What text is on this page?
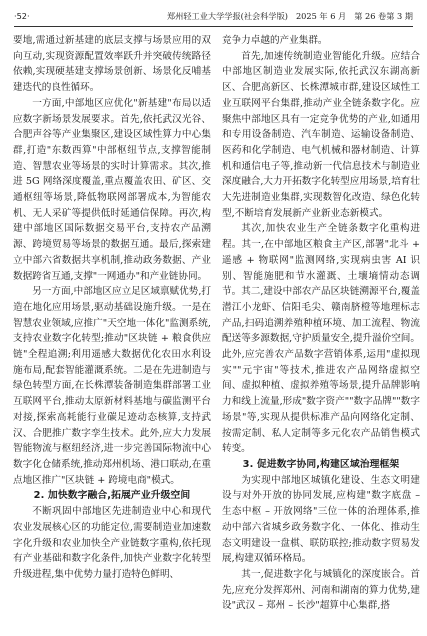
·52·	郑州轻工业大学学报(社会科学版) 2025 年 6 月 第 26 卷第 3 期

要地,需通过新基建的底层支撑与场景应用的双向互动,实现资源配置效率跃升并突破传统路径依赖,实现硬基建支撑场景创新、场景化反哺基建迭代的良性循环。

一方面,中部地区应优化"新基建"布局以适应数字新场景发展要求。首先,依托武汉光谷、合肥声谷等产业集聚区,建设区域性算力中心集群,打造"东数西算"中部枢纽节点,支撑智能制造、智慧农业等场景的实时计算需求。其次,推进 5G 网络深度覆盖,重点覆盖农田、矿区、交通枢纽等场景,降低物联网部署成本,为智能农机、无人采矿等提供低时延通信保障。再次,构建中部地区国际数据交易平台,支持农产品溯源、跨境贸易等场景的数据互通。最后,探索建立中部六省数据共享机制,推动政务数据、产业数据跨省互通,支撑"一网通办"和产业链协同。

另一方面,中部地区应立足区域禀赋优势,打造在地化应用场景,驱动基础设施升级。一是在智慧农业领域,应推广"天空地一体化"监测系统,支持农业数字化转型;推动"区块链 + 粮食供应链"全程追溯;利用遥感大数据优化农田水利设施布局,配套智能灌溉系统。二是在先进制造与绿色转型方面,在长株潭装备制造集群部署工业互联网平台,推动太原新材料基地与碳监测平台对接,探索高耗能行业碳足迹动态核算,支持武汉、合肥推广数字孪生技术。此外,应大力发展智能物流与枢纽经济,进一步完善国际物流中心数字化仓储系统,推动郑州机场、港口联动,在重点地区推广"区块链 + 跨境电商"模式。

2. 加快数字融合,拓展产业升级空间

不断巩固中部地区先进制造业中心和现代农业发展核心区的功能定位,需要制造业加速数字化升级和农业加快全产业链数字重构,依托现有产业基础和数字化条件,加快产业数字化转型升级进程,集中优势力量打造特色鲜明、

竞争力卓越的产业集群。

首先,加速传统制造业智能化升级。应结合中部地区制造业发展实际,依托武汉东湖高新区、合肥高新区、长株潭城市群,建设区域性工业互联网平台集群,推动产业全链条数字化。应聚焦中部地区具有一定竞争优势的产业,如通用和专用设备制造、汽车制造、运输设备制造、医药和化学制造、电气机械和器材制造、计算机和通信电子等,推动新一代信息技术与制造业深度融合,大力开拓数字化转型应用场景,培育壮大先进制造业集群,实现数智化改造、绿色化转型,不断培育发展新产业新业态新模式。

其次,加快农业生产全链条数字化重构进程。其一,在中部地区粮食主产区,部署"北斗 + 遥感 + 物联网"监测网络,实现病虫害 AI 识别、智能施肥和节水灌溉、土壤墒情动态调节。其二,建设中部农产品区块链溯源平台,覆盖潜江小龙虾、信阳毛尖、赣南脐橙等地理标志产品,扫码追溯养殖种植环境、加工流程、物流配送等多源数据,守护质量安全,提升溢价空间。此外,应完善农产品数字营销体系,运用"虚拟现实""元宇宙"等技术,推进农产品网络虚拟空间、虚拟种植、虚拟养殖等场景,提升品牌影响力和线上流量,形成"数字资产""数字品牌""数字场景"等,实现从提供标准产品向网络化定制、按需定制、私人定制等多元化农产品销售模式转变。

3. 促进数字协同,构建区域治理框架

为实现中部地区城镇化建设、生态文明建设与对外开放的协同发展,应构建"数字底盘 – 生态中枢 – 开放网络"三位一体的治理体系,推动中部六省城乡政务数字化、一体化、推动生态文明建设一盘棋、联防联控;推动数字贸易发展,构建双循环格局。

其一,促进数字化与城镇化的深度嵌合。首先,应充分发挥郑州、河南和湖南的算力优势,建设"武汉 – 郑州 – 长沙"超算中心集群,搭
